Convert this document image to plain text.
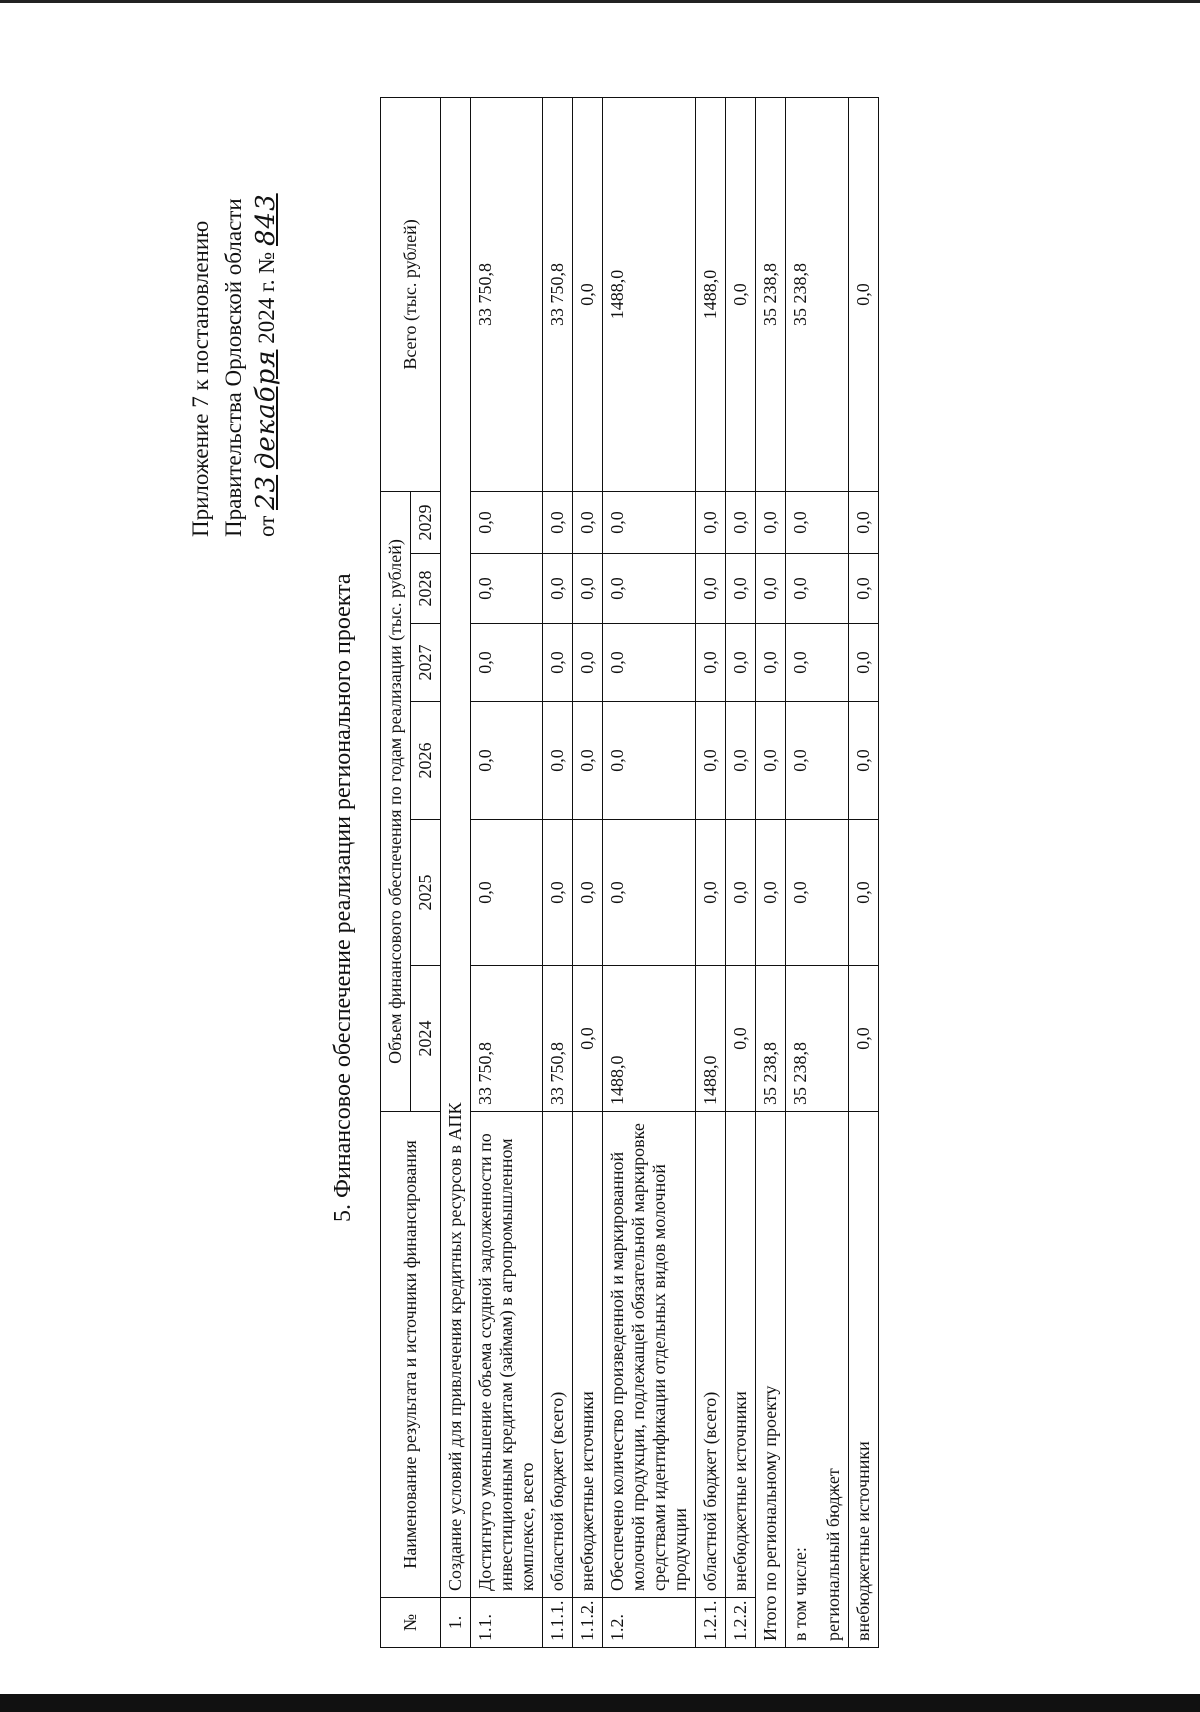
Приложение 7 к постановлению Правительства Орловской области от 23 декабря 2024 г. № 843
5. Финансовое обеспечение реализации регионального проекта
№	Наименование результата и источники финансирования	Объем финансового обеспечения по годам реализации (тыс. рублей)						Всего (тыс. рублей)
		2024	2025	2026	2027	2028	2029	
1.	Создание условий для привлечения кредитных ресурсов в АПК							
1.1.	Достигнуто уменьшение объема ссудной задолженности по инвестиционным кредитам (займам) в агропромышленном комплексе, всего	33 750,8	0,0	0,0	0,0	0,0	0,0	33 750,8
1.1.1.	областной бюджет (всего)	33 750,8	0,0	0,0	0,0	0,0	0,0	33 750,8
1.1.2.	внебюджетные источники	0,0	0,0	0,0	0,0	0,0	0,0	0,0
1.2.	Обеспечено количество произведенной и маркированной молочной продукции, подлежащей обязательной маркировке средствами идентификации отдельных видов молочной продукции	1488,0	0,0	0,0	0,0	0,0	0,0	1488,0
1.2.1.	областной бюджет (всего)	1488,0	0,0	0,0	0,0	0,0	0,0	1488,0
1.2.2.	внебюджетные источники	0,0	0,0	0,0	0,0	0,0	0,0	0,0
Итого по региональному проекту		35 238,8	0,0	0,0	0,0	0,0	0,0	35 238,8

в том числе: региональный бюджет		35 238,8	0,0	0,0	0,0	0,0	0,0	35 238,8
внебюджетные источники		0,0	0,0	0,0	0,0	0,0	0,0	0,0
